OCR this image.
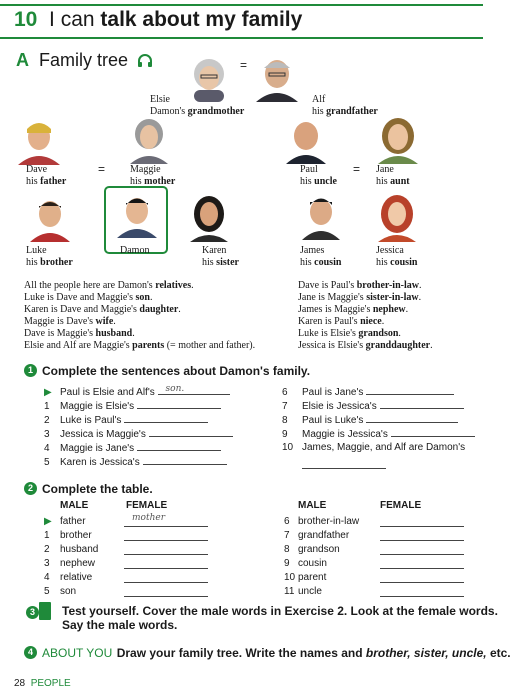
10 I can talk about my family
A Family tree	=
=	=
Elsie
Damon's grandmother
Alf
his grandfather
Dave
his father
Maggie
his mother
Paul
his uncle
Jane
his aunt
Luke
his brother
Damon	Karen
his sister
James
his cousin
Jessica
his cousin
All the people here are Damon's relatives.
Luke is Dave and Maggie's son.
Karen is Dave and Maggie's daughter.
Maggie is Dave's wife.
Dave is Maggie's husband.
Elsie and Alf are Maggie's parents (= mother and father).
Dave is Paul's brother-in-law.
Jane is Maggie's sister-in-law.
James is Maggie's nephew.
Karen is Paul's niece.
Luke is Elsie's grandson.
Jessica is Elsie's granddaughter.
1 Complete the sentences about Damon's family.
▶ Paul is Elsie and Alf's son.
1 Maggie is Elsie's
2 Luke is Paul's
3 Jessica is Maggie's
4 Maggie is Jane's
5 Karen is Jessica's
6 Paul is Jane's
7 Elsie is Jessica's
8 Paul is Luke's
9 Maggie is Jessica's
10 James, Maggie, and Alf are Damon's
2 Complete the table.
MALE	FEMALE	MALE	FEMALE
▶ father	mother
1 brother
2 husband
3 nephew
4 relative
5 son
6 brother-in-law
7 grandfather
8 grandson
9 cousin
10 parent
11 uncle
3	Test yourself. Cover the male words in Exercise 2. Look at the female words.
Say the male words.
4 ABOUT YOU Draw your family tree. Write the names and brother, sister, uncle, etc.
28 PEOPLE
